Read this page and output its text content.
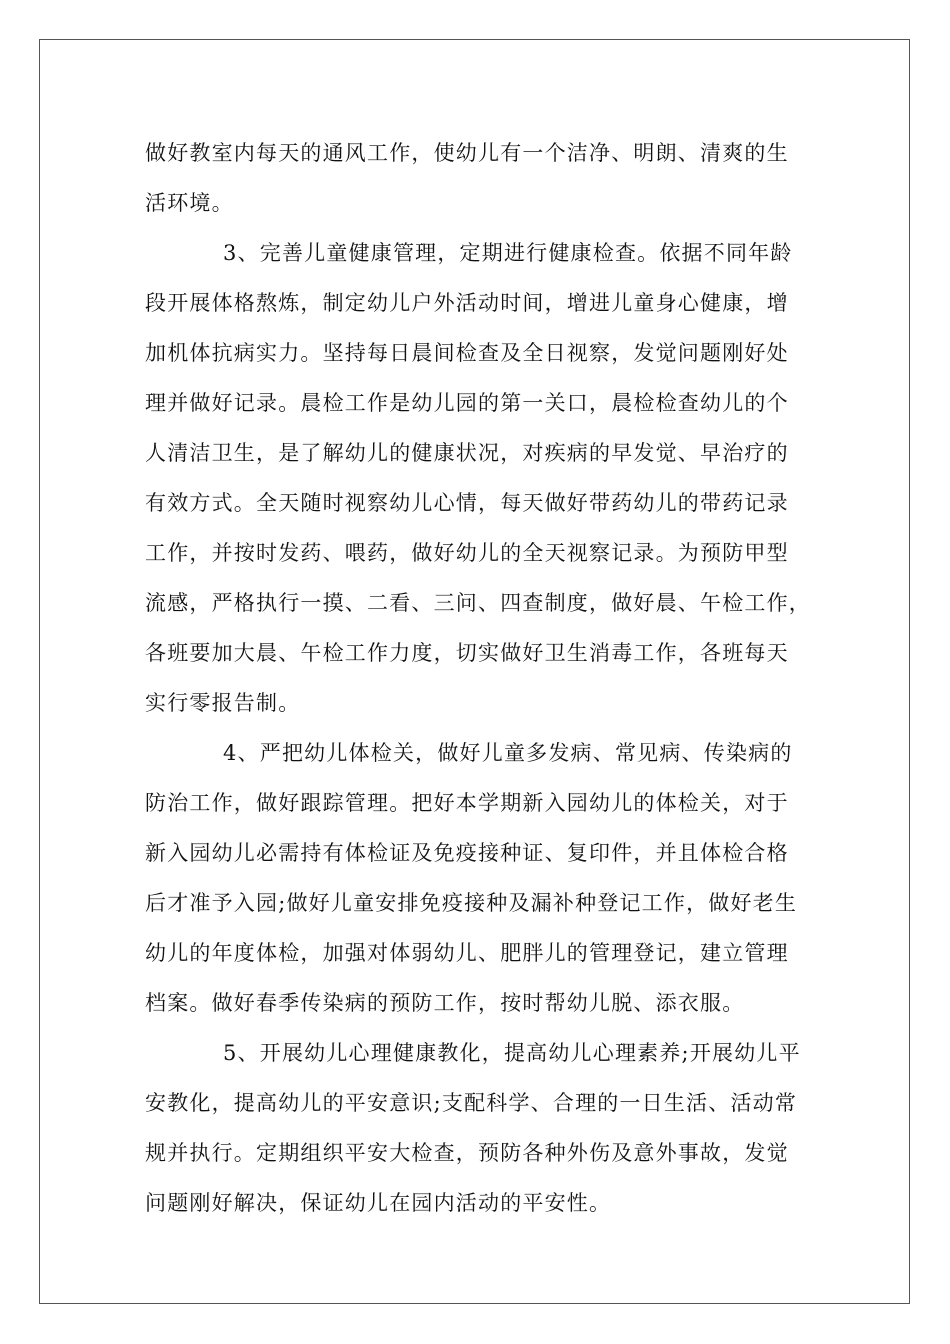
做好教室内每天的通风工作，使幼儿有一个洁净、明朗、清爽的生
活环境。
3、完善儿童健康管理，定期进行健康检查。依据不同年龄
段开展体格熬炼，制定幼儿户外活动时间，增进儿童身心健康，增
加机体抗病实力。坚持每日晨间检查及全日视察，发觉问题刚好处
理并做好记录。晨检工作是幼儿园的第一关口，晨检检查幼儿的个
人清洁卫生，是了解幼儿的健康状况，对疾病的早发觉、早治疗的
有效方式。全天随时视察幼儿心情，每天做好带药幼儿的带药记录
工作，并按时发药、喂药，做好幼儿的全天视察记录。为预防甲型
流感，严格执行一摸、二看、三问、四查制度，做好晨、午检工作，
各班要加大晨、午检工作力度，切实做好卫生消毒工作，各班每天
实行零报告制。
4、严把幼儿体检关，做好儿童多发病、常见病、传染病的
防治工作，做好跟踪管理。把好本学期新入园幼儿的体检关，对于
新入园幼儿必需持有体检证及免疫接种证、复印件，并且体检合格
后才准予入园;做好儿童安排免疫接种及漏补种登记工作，做好老生
幼儿的年度体检，加强对体弱幼儿、肥胖儿的管理登记，建立管理
档案。做好春季传染病的预防工作，按时帮幼儿脱、添衣服。
5、开展幼儿心理健康教化，提高幼儿心理素养;开展幼儿平
安教化，提高幼儿的平安意识;支配科学、合理的一日生活、活动常
规并执行。定期组织平安大检查，预防各种外伤及意外事故，发觉
问题刚好解决，保证幼儿在园内活动的平安性。
